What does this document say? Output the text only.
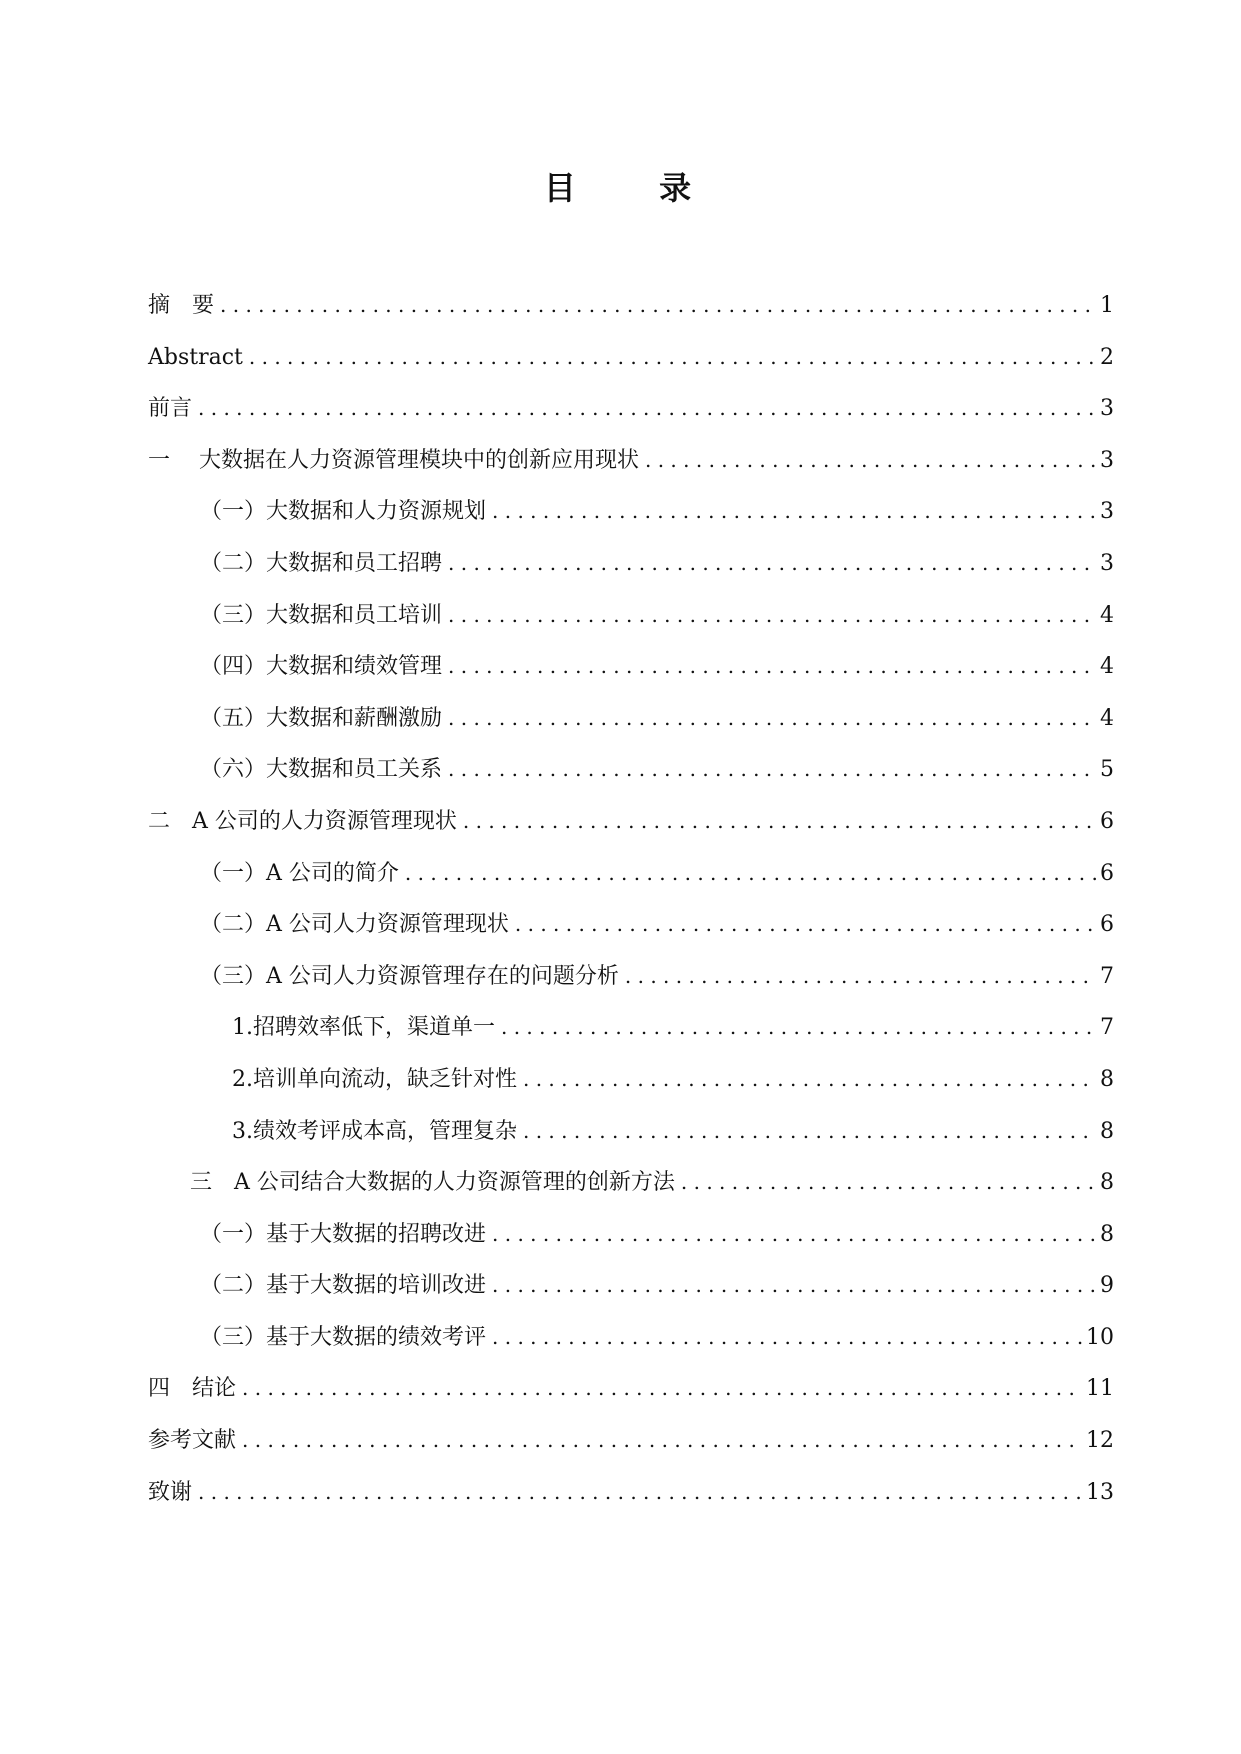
目 录
摘　要 . . .	1
Abstract . . .	2
前言 . . .	3
一　 大数据在人力资源管理模块中的创新应用现状 . . .	3
（一）大数据和人力资源规划 . . .	3
（二）大数据和员工招聘 . . .	3
（三）大数据和员工培训 . . .	4
（四）大数据和绩效管理 . . .	4
（五）大数据和薪酬激励 . . .	4
（六）大数据和员工关系 . . .	5
二　A 公司的人力资源管理现状 . . .	6
（一）A 公司的简介 . . .	6
（二）A 公司人力资源管理现状 . . .	6
（三）A 公司人力资源管理存在的问题分析 . . .	7
1.招聘效率低下，渠道单一 . . .	7
2.培训单向流动，缺乏针对性 . . .	8
3.绩效考评成本高，管理复杂 . . .	8
三　A 公司结合大数据的人力资源管理的创新方法 . . .	8
（一）基于大数据的招聘改进 . . .	8
（二）基于大数据的培训改进 . . .	9
（三）基于大数据的绩效考评 . . .	10
四　结论 . . .	11
参考文献 . . .	12
致谢 . . .	13
